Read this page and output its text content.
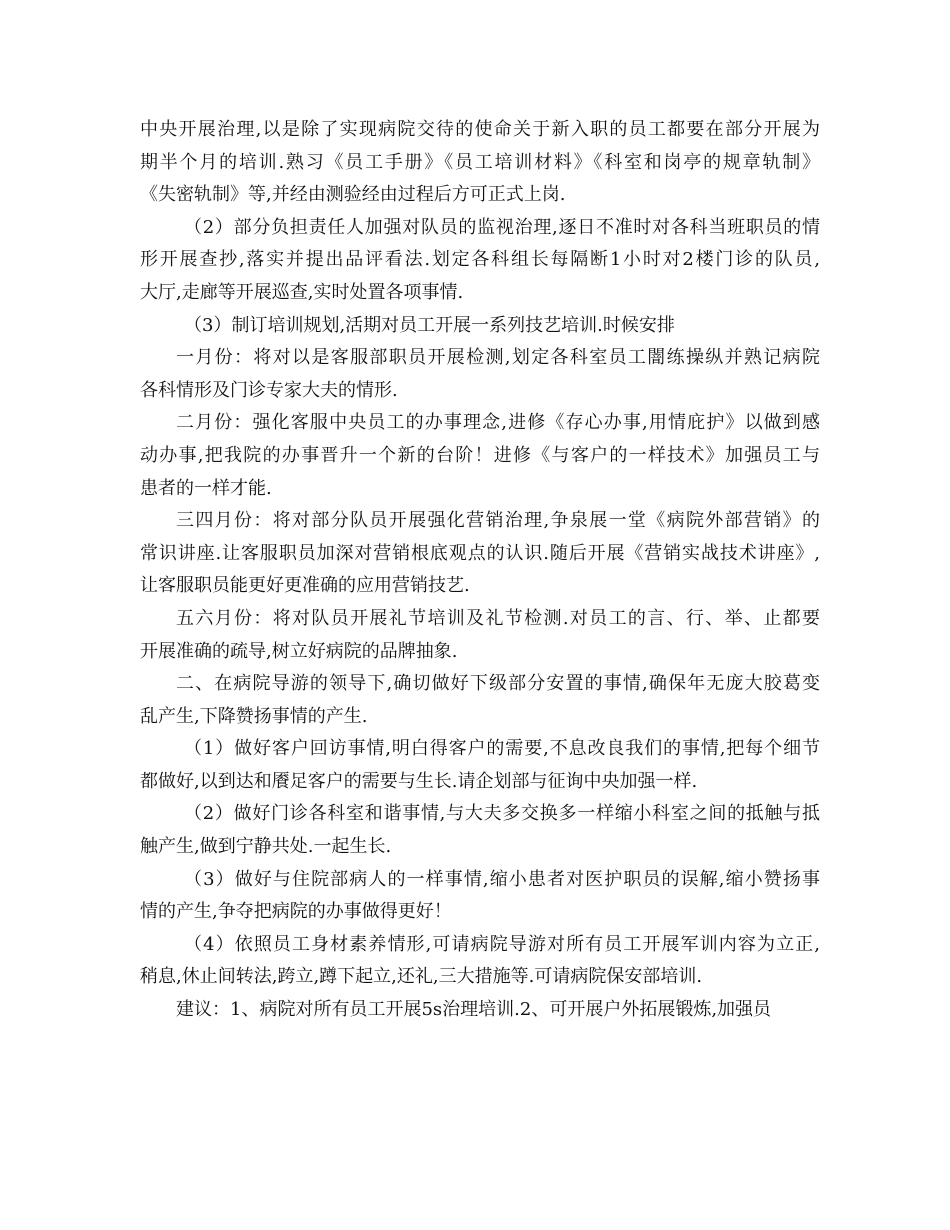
中央开展治理,以是除了实现病院交待的使命关于新入职的员工都要在部分开展为
期半个月的培训.熟习《员工手册》《员工培训材料》《科室和岗亭的规章轨制》
《失密轨制》等,并经由测验经由过程后方可正式上岗.
（2）部分负担责任人加强对队员的监视治理,逐日不准时对各科当班职员的情
形开展查抄,落实并提出品评看法.划定各科组长每隔断1小时对2楼门诊的队员,
大厅,走廊等开展巡查,实时处置各项事情.
（3）制订培训规划,活期对员工开展一系列技艺培训.时候安排
一月份：将对以是客服部职员开展检测,划定各科室员工闇练操纵并熟记病院
各科情形及门诊专家大夫的情形.
二月份：强化客服中央员工的办事理念,进修《存心办事,用情庇护》以做到感
动办事,把我院的办事晋升一个新的台阶！进修《与客户的一样技术》加强员工与
患者的一样才能.
三四月份：将对部分队员开展强化营销治理,争泉展一堂《病院外部营销》的
常识讲座.让客服职员加深对营销根底观点的认识.随后开展《营销实战技术讲座》,
让客服职员能更好更准确的应用营销技艺.
五六月份：将对队员开展礼节培训及礼节检测.对员工的言、行、举、止都要
开展准确的疏导,树立好病院的品牌抽象.
二、在病院导游的领导下,确切做好下级部分安置的事情,确保年无庞大胶葛变
乱产生,下降赞扬事情的产生.
（1）做好客户回访事情,明白得客户的需要,不息改良我们的事情,把每个细节
都做好,以到达和餍足客户的需要与生长.请企划部与征询中央加强一样.
（2）做好门诊各科室和谐事情,与大夫多交换多一样缩小科室之间的抵触与抵
触产生,做到宁静共处.一起生长.
（3）做好与住院部病人的一样事情,缩小患者对医护职员的误解,缩小赞扬事
情的产生,争夺把病院的办事做得更好！
（4）依照员工身材素养情形,可请病院导游对所有员工开展军训内容为立正,
稍息,休止间转法,跨立,蹲下起立,还礼,三大措施等.可请病院保安部培训.
建议：1、病院对所有员工开展5s治理培训.2、可开展户外拓展锻炼,加强员
